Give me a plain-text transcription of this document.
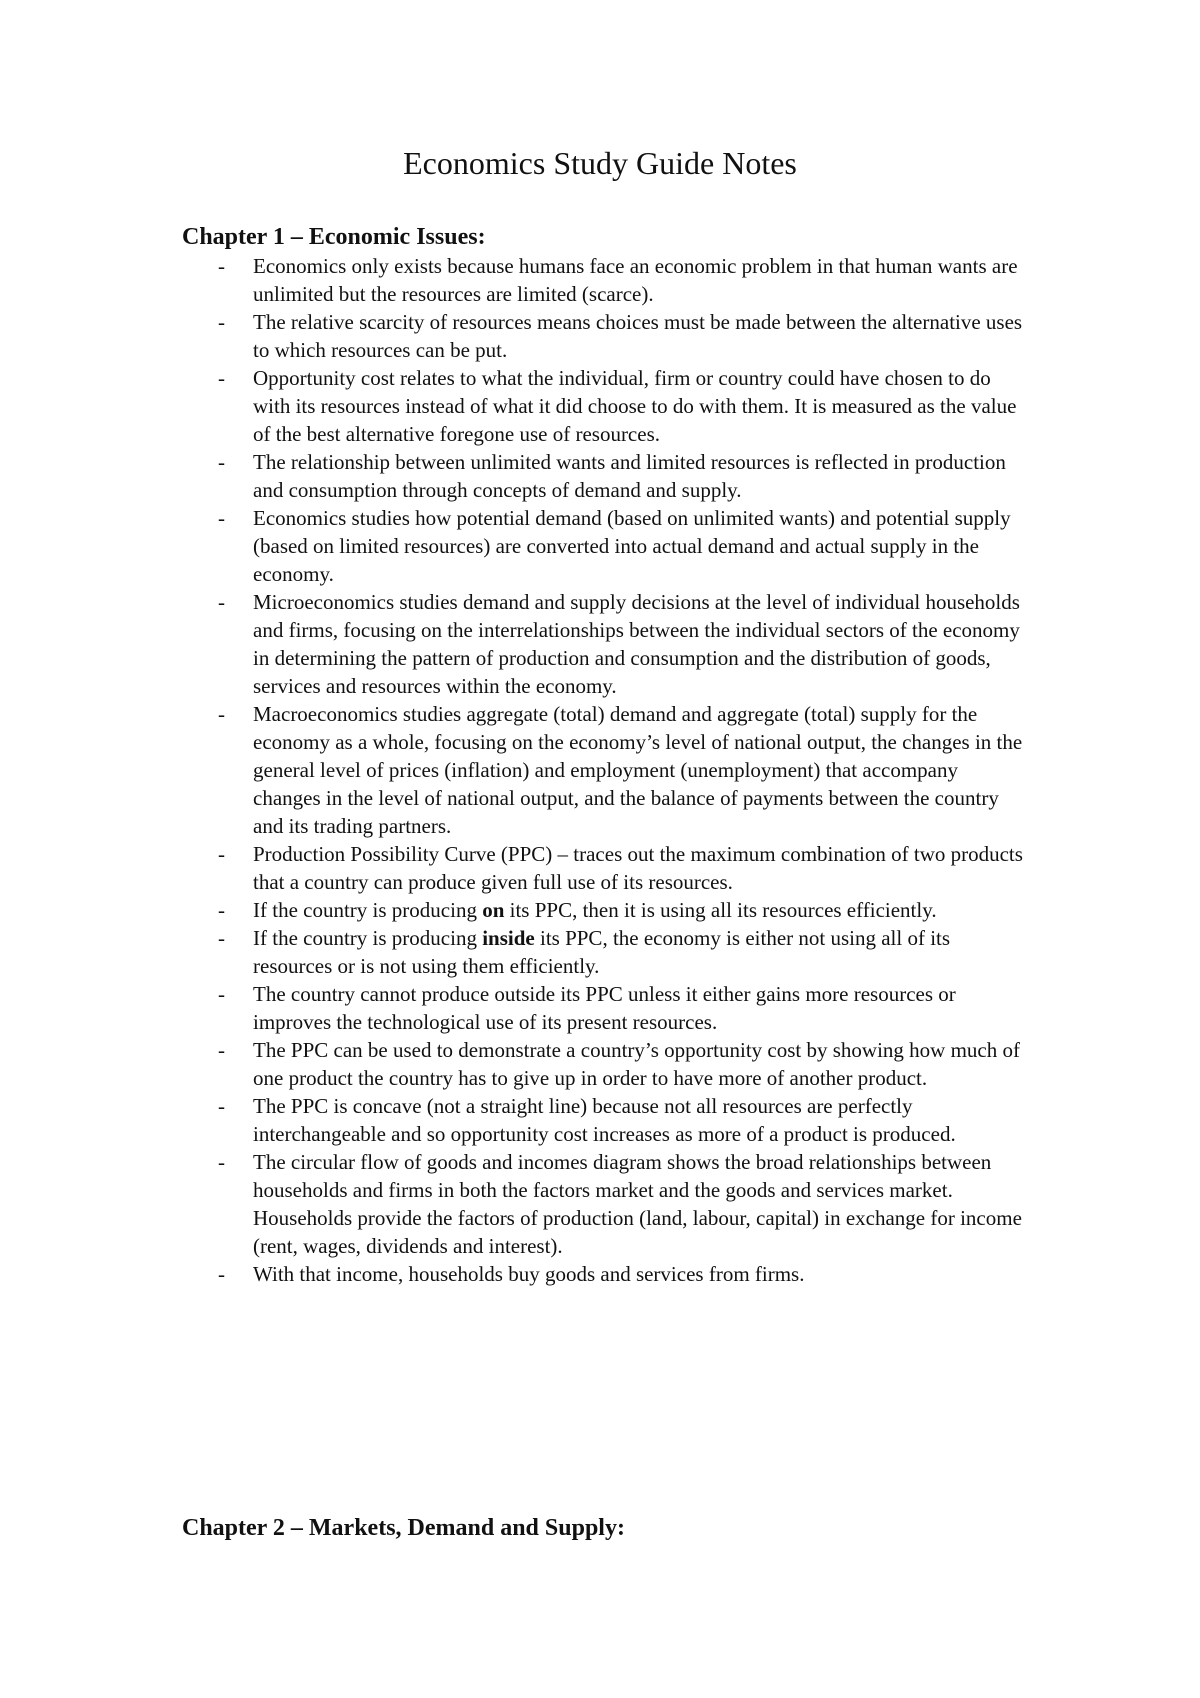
Economics Study Guide Notes
Chapter 1 – Economic Issues:
- Economics only exists because humans face an economic problem in that human wants are unlimited but the resources are limited (scarce).
- The relative scarcity of resources means choices must be made between the alternative uses to which resources can be put.
- Opportunity cost relates to what the individual, firm or country could have chosen to do with its resources instead of what it did choose to do with them. It is measured as the value of the best alternative foregone use of resources.
- The relationship between unlimited wants and limited resources is reflected in production and consumption through concepts of demand and supply.
- Economics studies how potential demand (based on unlimited wants) and potential supply (based on limited resources) are converted into actual demand and actual supply in the economy.
- Microeconomics studies demand and supply decisions at the level of individual households and firms, focusing on the interrelationships between the individual sectors of the economy in determining the pattern of production and consumption and the distribution of goods, services and resources within the economy.
- Macroeconomics studies aggregate (total) demand and aggregate (total) supply for the economy as a whole, focusing on the economy’s level of national output, the changes in the general level of prices (inflation) and employment (unemployment) that accompany changes in the level of national output, and the balance of payments between the country and its trading partners.
- Production Possibility Curve (PPC) – traces out the maximum combination of two products that a country can produce given full use of its resources.
- If the country is producing on its PPC, then it is using all its resources efficiently.
- If the country is producing inside its PPC, the economy is either not using all of its resources or is not using them efficiently.
- The country cannot produce outside its PPC unless it either gains more resources or improves the technological use of its present resources.
- The PPC can be used to demonstrate a country’s opportunity cost by showing how much of one product the country has to give up in order to have more of another product.
- The PPC is concave (not a straight line) because not all resources are perfectly interchangeable and so opportunity cost increases as more of a product is produced.
- The circular flow of goods and incomes diagram shows the broad relationships between households and firms in both the factors market and the goods and services market. Households provide the factors of production (land, labour, capital) in exchange for income (rent, wages, dividends and interest).
- With that income, households buy goods and services from firms.
Chapter 2 – Markets, Demand and Supply:
